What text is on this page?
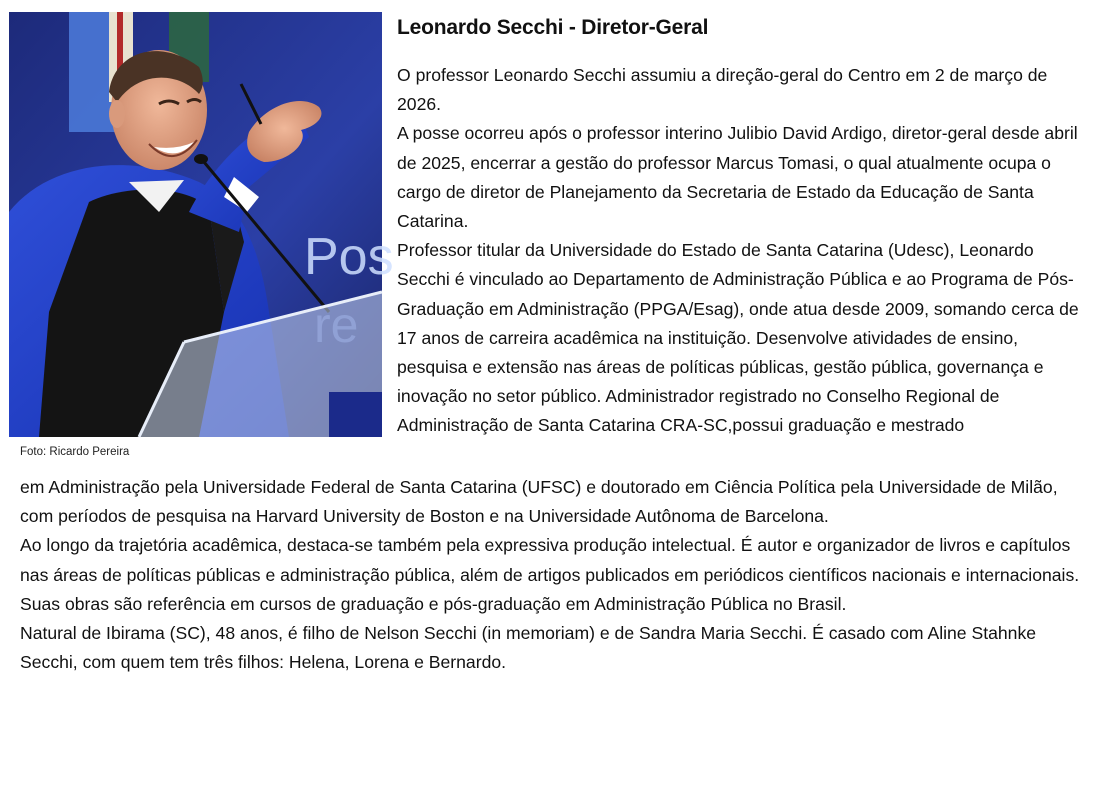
Pos
Foto: Ricardo Pereira
Leonardo Secchi - Diretor-Geral

O professor Leonardo Secchi assumiu a direção-geral do Centro em 2 de março de 2026.

A posse ocorreu após o professor interino Julibio David Ardigo, diretor-geral desde abril de 2025, encerrar a gestão do professor Marcus Tomasi, o qual atualmente ocupa o cargo de diretor de Planejamento da Secretaria de Estado da Educação de Santa Catarina.

Professor titular da Universidade do Estado de Santa Catarina (Udesc), Leonardo Secchi é vinculado ao Departamento de Administração Pública e ao Programa de Pós-Graduação em Administração (PPGA/Esag), onde atua desde 2009, somando cerca de 17 anos de carreira acadêmica na instituição. Desenvolve atividades de ensino, pesquisa e extensão nas áreas de políticas públicas, gestão pública, governança e inovação no setor público. Administrador registrado no Conselho Regional de Administração de Santa Catarina CRA-SC,possui graduação e mestrado

em Administração pela Universidade Federal de Santa Catarina (UFSC) e doutorado em Ciência Política pela Universidade de Milão, com períodos de pesquisa na Harvard University de Boston e na Universidade Autônoma de Barcelona.

Ao longo da trajetória acadêmica, destaca-se também pela expressiva produção intelectual. É autor e organizador de livros e capítulos nas áreas de políticas públicas e administração pública, além de artigos publicados em periódicos científicos nacionais e internacionais. Suas obras são referência em cursos de graduação e pós-graduação em Administração Pública no Brasil.

Natural de Ibirama (SC), 48 anos, é filho de Nelson Secchi (in memoriam) e de Sandra Maria Secchi. É casado com Aline Stahnke Secchi, com quem tem três filhos: Helena, Lorena e Bernardo.
